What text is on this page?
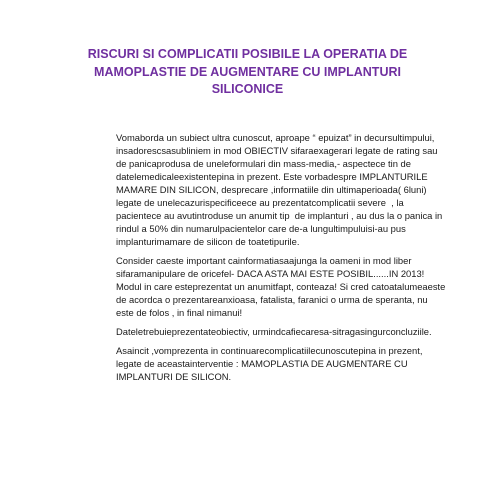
RISCURI SI COMPLICATII POSIBILE LA OPERATIA DE MAMOPLASTIE DE AUGMENTARE CU IMPLANTURI SILICONICE

Vomaborda un subiect ultra cunoscut, aproape “ epuizat” in decursultimpului, insadorescsasubliniem in mod OBIECTIV sifaraexagerari legate de rating sau de panicaprodusa de uneleformulari din mass-media,- aspectece tin de datelemedicaleexistentepina in prezent. Este vorbadespre IMPLANTURILE MAMARE DIN SILICON, desprecare ,informatiile din ultimaperioada( 6luni) legate de unelecazurispecificeece au prezentatcomplicatii severe  , la pacientece au avutintroduse un anumit tip  de implanturi , au dus la o panica in rindul a 50% din numarulpacientelor care de-a lungultimpuluisi-au pus implanturimamare de silicon de toatetipurile.

Consider caeste important cainformatiasaajunga la oameni in mod liber sifaramanipulare de oricefel- DACA ASTA MAI ESTE POSIBIL......IN 2013! Modul in care esteprezentat un anumitfapt, conteaza! Si cred catoatalumeaeste de acordca o prezentareanxioasa, fatalista, faranici o urma de speranta, nu este de folos , in final nimanui!

Dateletrebuieprezentateobiectiv, urmindcafiecaresa-sitragasingurconcluziile.

Asaincit ,vomprezenta in continuarecomplicatiilecunoscutepina in prezent, legate de aceastainterventie : MAMOPLASTIA DE AUGMENTARE CU IMPLANTURI DE SILICON.
